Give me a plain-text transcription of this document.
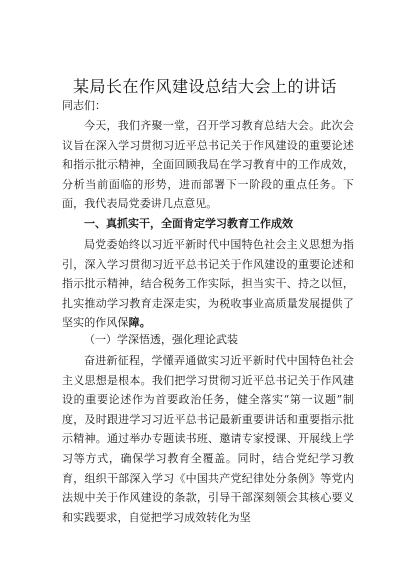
某局长在作风建设总结大会上的讲话
同志们：

今天，我们齐聚一堂，召开学习教育总结大会。此次会议旨在深入学习贯彻习近平总书记关于作风建设的重要论述和指示批示精神，全面回顾我局在学习教育中的工作成效，分析当前面临的形势，进而部署下一阶段的重点任务。下面，我代表局党委讲几点意见。

一、真抓实干，全面肯定学习教育工作成效

局党委始终以习近平新时代中国特色社会主义思想为指引，深入学习贯彻习近平总书记关于作风建设的重要论述和指示批示精神，结合税务工作实际，担当实干、持之以恒，扎实推动学习教育走深走实，为税收事业高质量发展提供了坚实的作风保障。

（一）学深悟透，强化理论武装

奋进新征程，学懂弄通做实习近平新时代中国特色社会主义思想是根本。我们把学习贯彻习近平总书记关于作风建设的重要论述作为首要政治任务，健全落实“第一议题”制度，及时跟进学习习近平总书记最新重要讲话和重要指示批示精神。通过举办专题读书班、邀请专家授课、开展线上学习等方式，确保学习教育全覆盖。同时，结合党纪学习教育，组织干部深入学习《中国共产党纪律处分条例》等党内法规中关于作风建设的条款，引导干部深刻领会其核心要义和实践要求，自觉把学习成效转化为坚
